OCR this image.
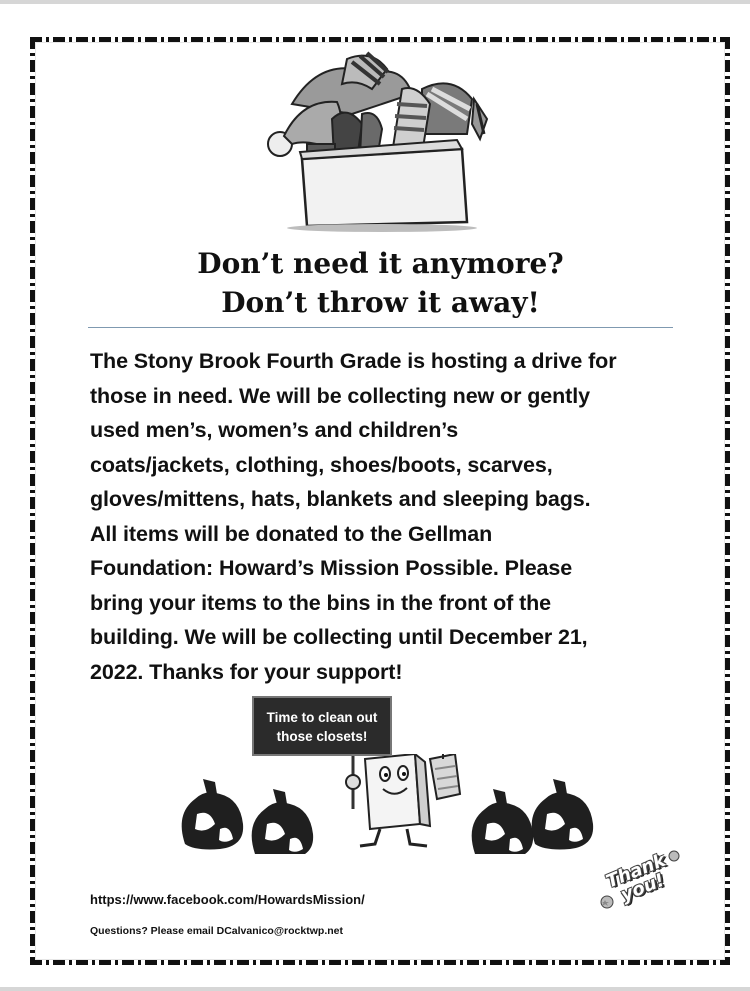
Don’t need it anymore?
Don’t throw it away!
The Stony Brook Fourth Grade is hosting a drive for
those in need. We will be collecting new or gently
used men’s, women’s and children’s
coats/jackets, clothing, shoes/boots, scarves,
gloves/mittens, hats, blankets and sleeping bags.
All items will be donated to the Gellman
Foundation: Howard’s Mission Possible. Please
bring your items to the bins in the front of the
building. We will be collecting until December 21,
2022. Thanks for your support!
Time to clean out
those closets!
https://www.facebook.com/HowardsMission/
Questions? Please email DCalvanico@rocktwp.net
Thank you!
